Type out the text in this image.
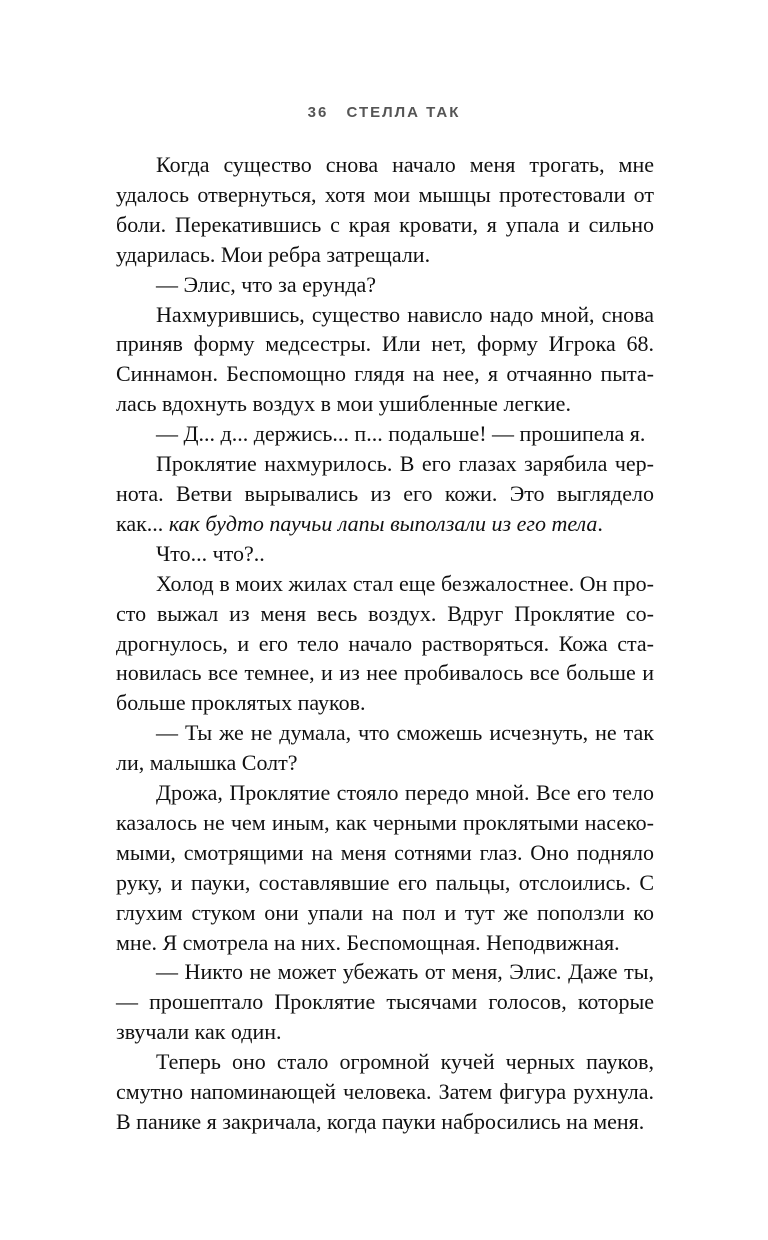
36 СТЕЛЛА ТАК

Когда существо снова начало меня трогать, мне удалось отвернуться, хотя мои мышцы протестовали от боли. Перекатившись с края кровати, я упала и сильно ударилась. Мои ребра затрещали.

— Элис, что за ерунда?

Нахмурившись, существо нависло надо мной, снова приняв форму медсестры. Или нет, форму Игрока 68. Синнамон. Беспомощно глядя на нее, я отчаянно пыталась вдохнуть воздух в мои ушибленные легкие.

— Д... д... держись... п... подальше! — прошипела я.

Проклятие нахмурилось. В его глазах зарябила чернота. Ветви вырывались из его кожи. Это выглядело как... как будто паучьи лапы выползали из его тела.

Что... что?..

Холод в моих жилах стал еще безжалостнее. Он просто выжал из меня весь воздух. Вдруг Проклятие содрогнулось, и его тело начало растворяться. Кожа становилась все темнее, и из нее пробивалось все больше и больше проклятых пауков.

— Ты же не думала, что сможешь исчезнуть, не так ли, малышка Солт?

Дрожа, Проклятие стояло передо мной. Все его тело казалось не чем иным, как черными проклятыми насекомыми, смотрящими на меня сотнями глаз. Оно подняло руку, и пауки, составлявшие его пальцы, отслоились. С глухим стуком они упали на пол и тут же поползли ко мне. Я смотрела на них. Беспомощная. Неподвижная.

— Никто не может убежать от меня, Элис. Даже ты, — прошептало Проклятие тысячами голосов, которые звучали как один.

Теперь оно стало огромной кучей черных пауков, смутно напоминающей человека. Затем фигура рухнула. В панике я закричала, когда пауки набросились на меня.
